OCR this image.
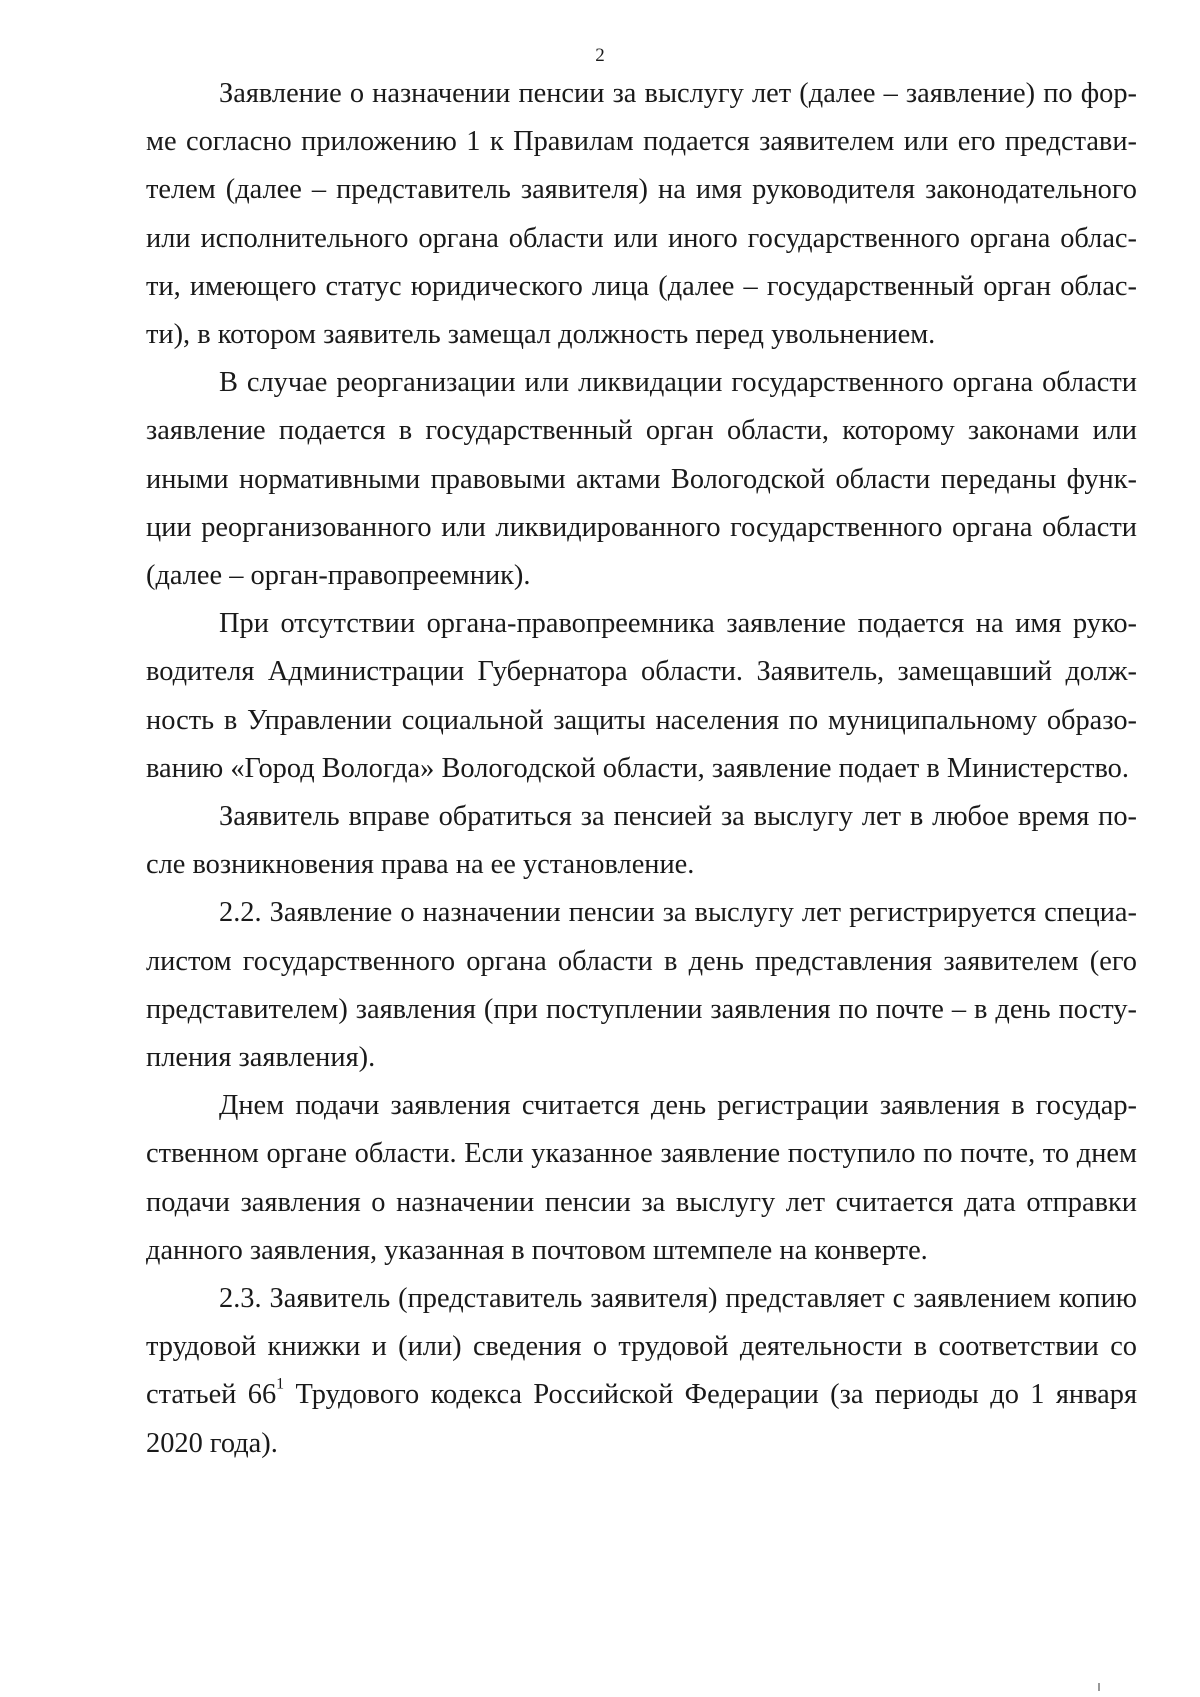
2

Заявление о назначении пенсии за выслугу лет (далее – заявление) по форме согласно приложению 1 к Правилам подается заявителем или его представителем (далее – представитель заявителя) на имя руководителя законодательного или исполнительного органа области или иного государственного органа области, имеющего статус юридического лица (далее – государственный орган области), в котором заявитель замещал должность перед увольнением.

В случае реорганизации или ликвидации государственного органа области заявление подается в государственный орган области, которому законами или иными нормативными правовыми актами Вологодской области переданы функции реорганизованного или ликвидированного государственного органа области (далее – орган-правопреемник).

При отсутствии органа-правопреемника заявление подается на имя руководителя Администрации Губернатора области. Заявитель, замещавший должность в Управлении социальной защиты населения по муниципальному образованию «Город Вологда» Вологодской области, заявление подает в Министерство.

Заявитель вправе обратиться за пенсией за выслугу лет в любое время после возникновения права на ее установление.

2.2. Заявление о назначении пенсии за выслугу лет регистрируется специалистом государственного органа области в день представления заявителем (его представителем) заявления (при поступлении заявления по почте – в день поступления заявления).

Днем подачи заявления считается день регистрации заявления в государственном органе области. Если указанное заявление поступило по почте, то днем подачи заявления о назначении пенсии за выслугу лет считается дата отправки данного заявления, указанная в почтовом штемпеле на конверте.

2.3. Заявитель (представитель заявителя) представляет с заявлением копию трудовой книжки и (или) сведения о трудовой деятельности в соответствии со статьей $66^1$ Трудового кодекса Российской Федерации (за периоды до 1 января 2020 года).
